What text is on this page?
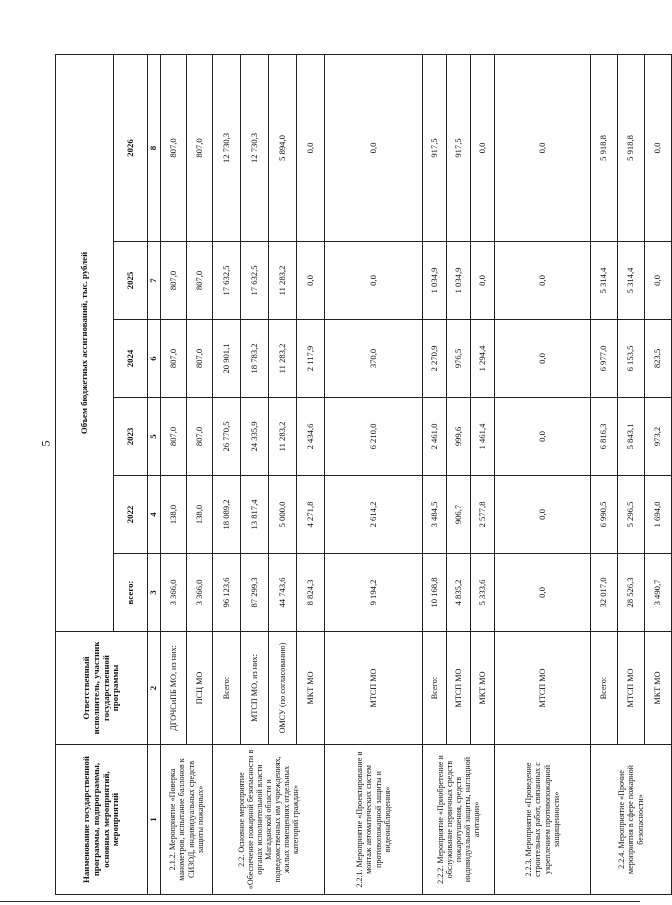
5
Наименование государственной программы, подпрограммы, основных мероприятий, мероприятий	Ответственный исполнитель, участник государственной программы	Объем бюджетных ассигнований, тыс. рублей					
		всего:	2022	2023	2024	2025	2026
1	2	3	4	5	6	7	8
2.1.2. Мероприятие «Поверка манометров, испытание баллонов к СИЗОД, индивидуальных средств защиты пожарных»	ДГОЧСиПБ МО, из них:	3 366,0	138,0	807,0	807,0	807,0	807,0
	ПСЦ МО	3 366,0	138,0	807,0	807,0	807,0	807,0
2.2. Основное мероприятие «Обеспечение пожарной безопасности в органах исполнительной власти Магаданской области и подведомственных им учреждениях, жилых помещениях отдельных категорий граждан»	Всего:	96 123,6	18 089,2	26 770,5	20 901,1	17 632,5	12 730,3
	МТСП МО, из них:	87 299,3	13 817,4	24 335,9	18 783,2	17 632,5	12 730,3
	ОМСУ (по согласованию)	44 743,6	5 000,0	11 283,2	11 283,2	11 283,2	5 894,0
	МКТ МО	8 824,3	4 271,8	2 434,6	2 117,9	0,0	0,0
2.2.1. Мероприятие «Проектирование и монтаж автоматических систем противопожарной защиты и видеонаблюдения»	МТСП МО	9 194,2	2 614,2	6 210,0	370,0	0,0	0,0
2.2.2. Мероприятие «Приобретение и обслуживание первичных средств пожаротушения, средств индивидуальной защиты, наглядной агитации»	Всего:	10 168,8	3 484,5	2 461,0	2 270,9	1 034,9	917,5
	МТСП МО	4 835,2	906,7	999,6	976,5	1 034,9	917,5
	МКТ МО	5 333,6	2 577,8	1 461,4	1 294,4	0,0	0,0
2.2.3. Мероприятие «Проведение строительных работ, связанных с укреплением противопожарной защищенности»	МТСП МО	0,0	0,0	0,0	0,0	0,0	0,0
2.2.4. Мероприятие «Прочие мероприятия в сфере пожарной безопасности»	Всего:	32 017,0	6 990,5	6 816,3	6 977,0	5 314,4	5 918,8
	МТСП МО	28 526,3	5 296,5	5 843,1	6 153,5	5 314,4	5 918,8
	МКТ МО	3 490,7	1 694,0	973,2	823,5	0,0	0,0
